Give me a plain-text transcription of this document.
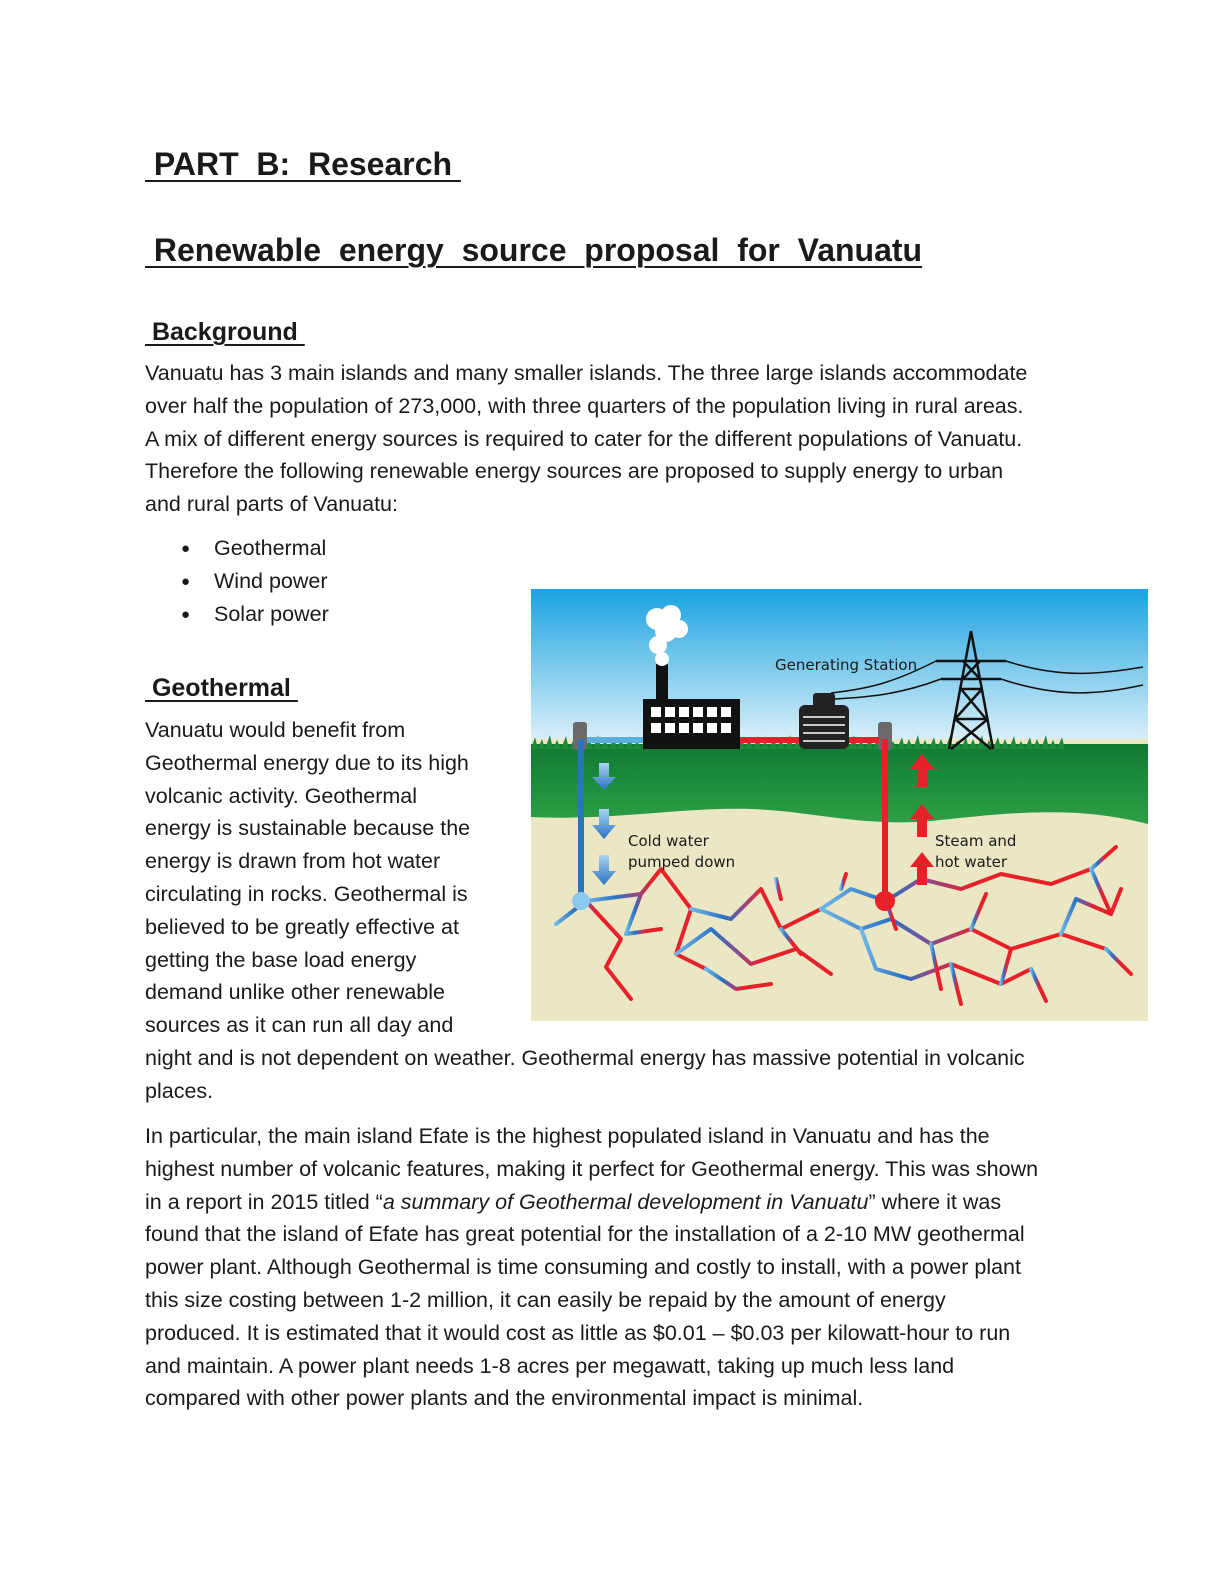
PART  B:  Research
Renewable  energy  source  proposal  for  Vanuatu
Background

Vanuatu has 3 main islands and many smaller islands. The three large islands accommodate
over half the population of 273,000, with three quarters of the population living in rural areas.
A mix of different energy sources is required to cater for the different populations of Vanuatu.
Therefore the following renewable energy sources are proposed to supply energy to urban
and rural parts of Vanuatu:

● Geothermal
● Wind power
● Solar power
Geothermal

Vanuatu would benefit from
Geothermal energy due to its high
volcanic activity. Geothermal
energy is sustainable because the
energy is drawn from hot water
circulating in rocks. Geothermal is
believed to be greatly effective at
getting the base load energy
demand unlike other renewable
sources as it can run all day and

night and is not dependent on weather. Geothermal energy has massive potential in volcanic
places.

In particular, the main island Efate is the highest populated island in Vanuatu and has the
highest number of volcanic features, making it perfect for Geothermal energy. This was shown
in a report in 2015 titled “a summary of Geothermal development in Vanuatu” where it was
found that the island of Efate has great potential for the installation of a 2-10 MW geothermal
power plant. Although Geothermal is time consuming and costly to install, with a power plant
this size costing between 1-2 million, it can easily be repaid by the amount of energy
produced. It is estimated that it would cost as little as $0.01 – $0.03 per kilowatt-hour to run
and maintain. A power plant needs 1-8 acres per megawatt, taking up much less land
compared with other power plants and the environmental impact is minimal.

Generating Station
Cold water
pumped down
Steam and
hot water
